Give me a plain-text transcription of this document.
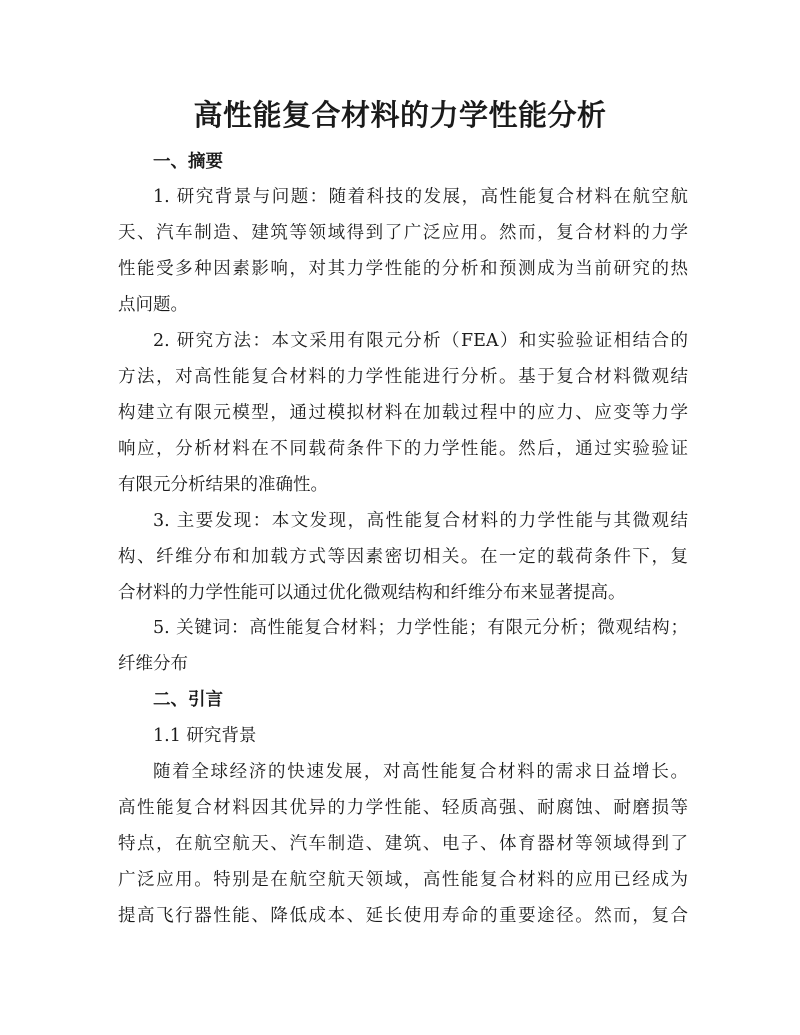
高性能复合材料的力学性能分析
一、摘要
1. 研究背景与问题：随着科技的发展，高性能复合材料在航空航
天、汽车制造、建筑等领域得到了广泛应用。然而，复合材料的力学
性能受多种因素影响，对其力学性能的分析和预测成为当前研究的热
点问题。
2. 研究方法：本文采用有限元分析（FEA）和实验验证相结合的
方法，对高性能复合材料的力学性能进行分析。基于复合材料微观结
构建立有限元模型，通过模拟材料在加载过程中的应力、应变等力学
响应，分析材料在不同载荷条件下的力学性能。然后，通过实验验证
有限元分析结果的准确性。
3. 主要发现：本文发现，高性能复合材料的力学性能与其微观结
构、纤维分布和加载方式等因素密切相关。在一定的载荷条件下，复
合材料的力学性能可以通过优化微观结构和纤维分布来显著提高。
5. 关键词：高性能复合材料；力学性能；有限元分析；微观结构；
纤维分布
二、引言
1.1 研究背景
随着全球经济的快速发展，对高性能复合材料的需求日益增长。
高性能复合材料因其优异的力学性能、轻质高强、耐腐蚀、耐磨损等
特点，在航空航天、汽车制造、建筑、电子、体育器材等领域得到了
广泛应用。特别是在航空航天领域，高性能复合材料的应用已经成为
提高飞行器性能、降低成本、延长使用寿命的重要途径。然而，复合
